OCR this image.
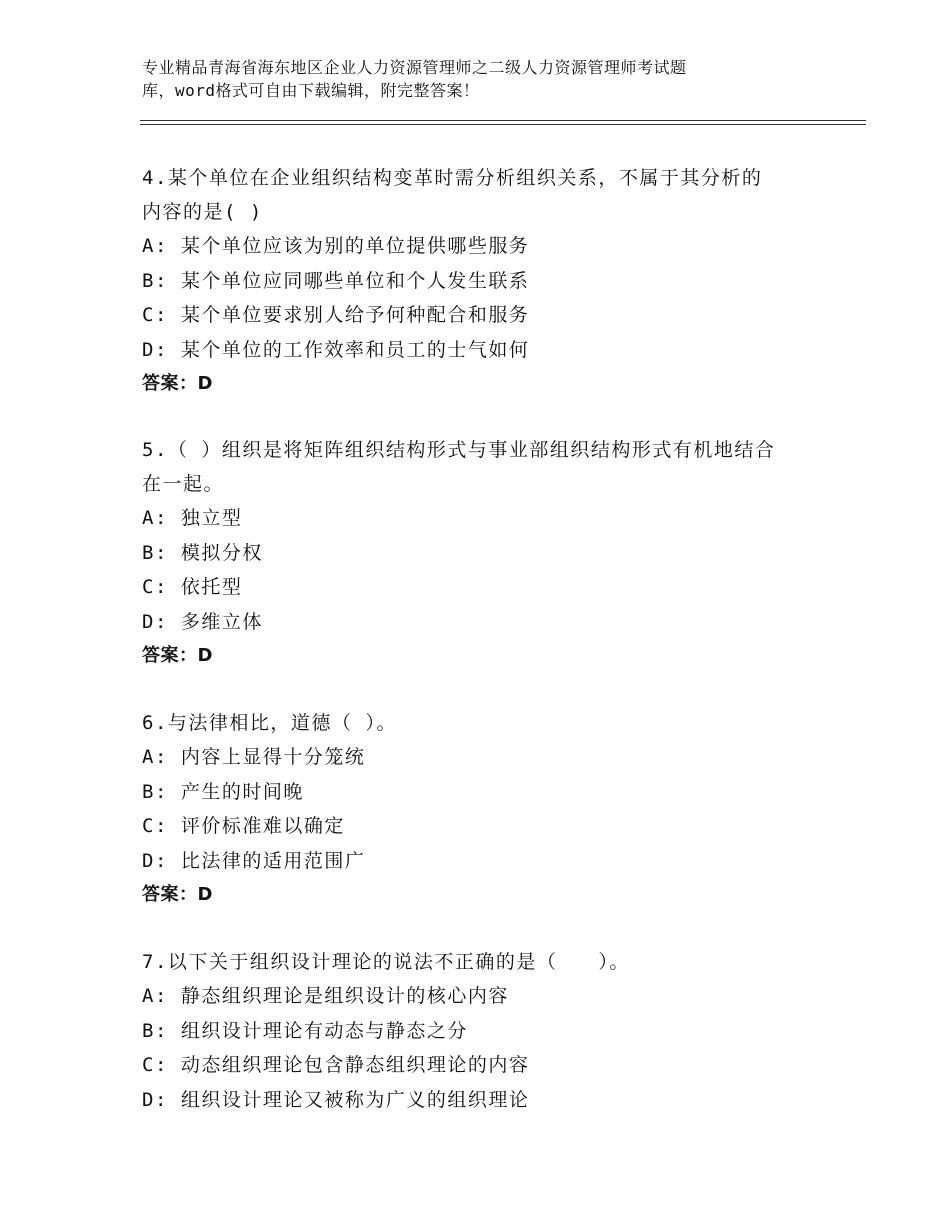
专业精品青海省海东地区企业人力资源管理师之二级人力资源管理师考试题
库，word格式可自由下载编辑，附完整答案！
4.某个单位在企业组织结构变革时需分析组织关系，不属于其分析的
内容的是( )
A: 某个单位应该为别的单位提供哪些服务
B: 某个单位应同哪些单位和个人发生联系
C: 某个单位要求别人给予何种配合和服务
D: 某个单位的工作效率和员工的士气如何
答案：D
5.（ ）组织是将矩阵组织结构形式与事业部组织结构形式有机地结合
在一起。
A: 独立型
B: 模拟分权
C: 依托型
D: 多维立体
答案：D
6.与法律相比，道德（ ）。
A: 内容上显得十分笼统
B: 产生的时间晚
C: 评价标准难以确定
D: 比法律的适用范围广
答案：D
7.以下关于组织设计理论的说法不正确的是（　　）。
A: 静态组织理论是组织设计的核心内容
B: 组织设计理论有动态与静态之分
C: 动态组织理论包含静态组织理论的内容
D: 组织设计理论又被称为广义的组织理论
